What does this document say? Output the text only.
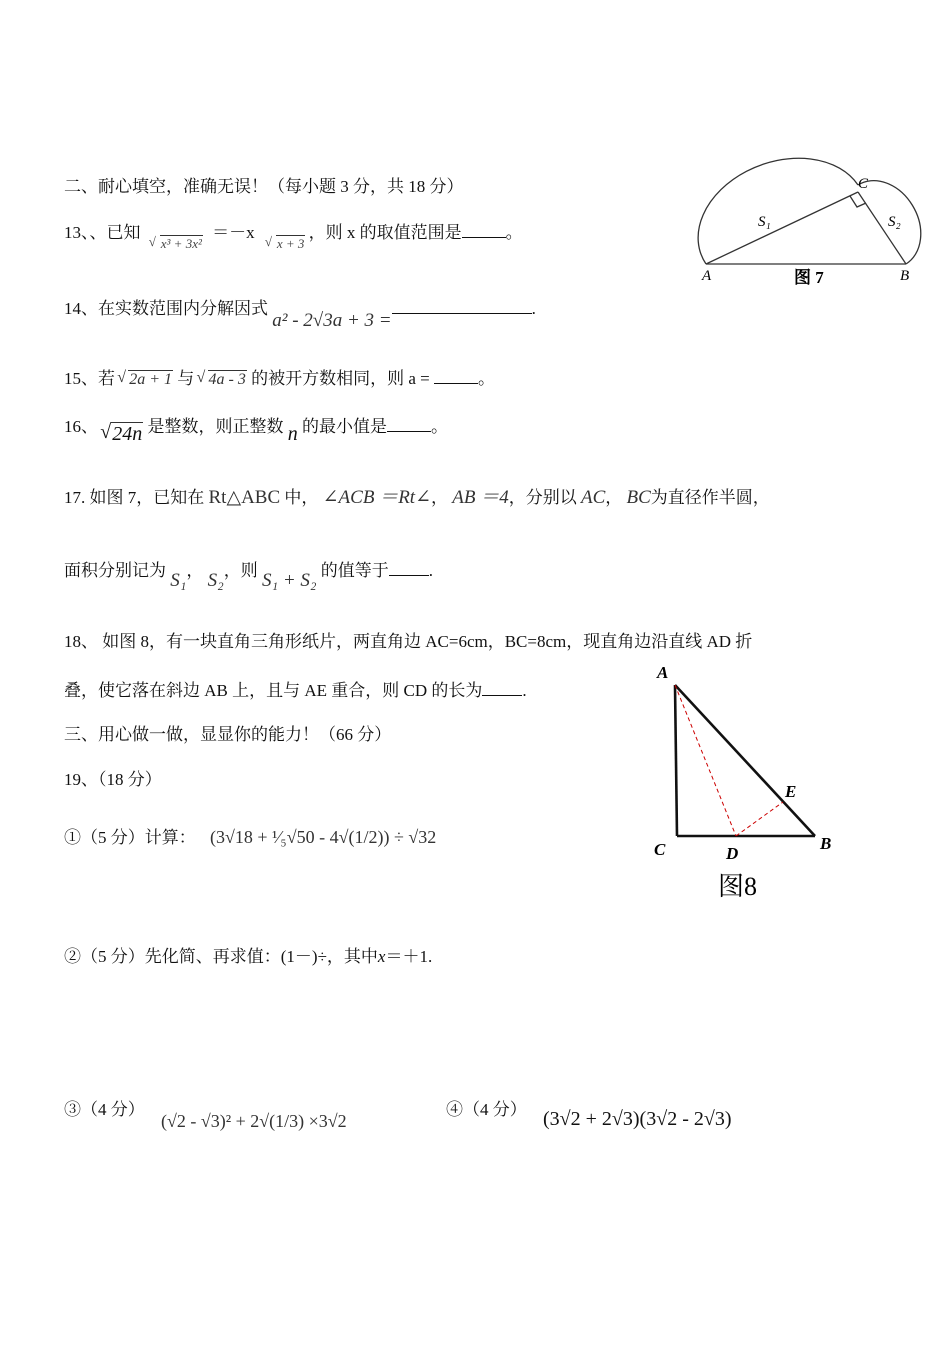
二、耐心填空，准确无误！（每小题 3 分，共 18 分）
13、、已知 √ $_{x^3 + 3x^2}$ ＝－x √ $_{x + 3}$ ，则 x 的取值范围是	。
14、在实数范围内分解因式 a² - 2√3a + 3 =.
15、若 √ 2a + 1 与 √ 4a - 3 的被开方数相同，则 a =	。
16、 √ 24n 是整数，则正整数 n 的最小值是	。
17. 如图 7，已知在 Rt△ABC 中， ∠ACB ＝Rt∠， AB ＝4，分别以 AC， BC为直径作半圆，
面积分别记为 S₁， S₂，则 S₁ + S₂ 的值等于 .
18、 如图 8，有一块直角三角形纸片，两直角边 AC=6cm，BC=8cm，现直角边沿直线 AD 折
叠，使它落在斜边 AB 上，且与 AE 重合，则 CD 的长为 .
三、用心做一做，显显你的能力！（66 分）
19、（18 分）
①（5 分）计算： (3√18 + ¹⁄₅√50 - 4√(1/2)) ÷ √32
②（5 分）先化简、再求值：(1－)÷，其中x＝＋1.
③（4 分） (√2 - √3)² + 2√(1/3) ×3√2
④（4 分） (3√2 + 2√3)(3√2 - 2√3)
A	B
C
S₁	S₂
图 7
A
C	D
E
B
图8
